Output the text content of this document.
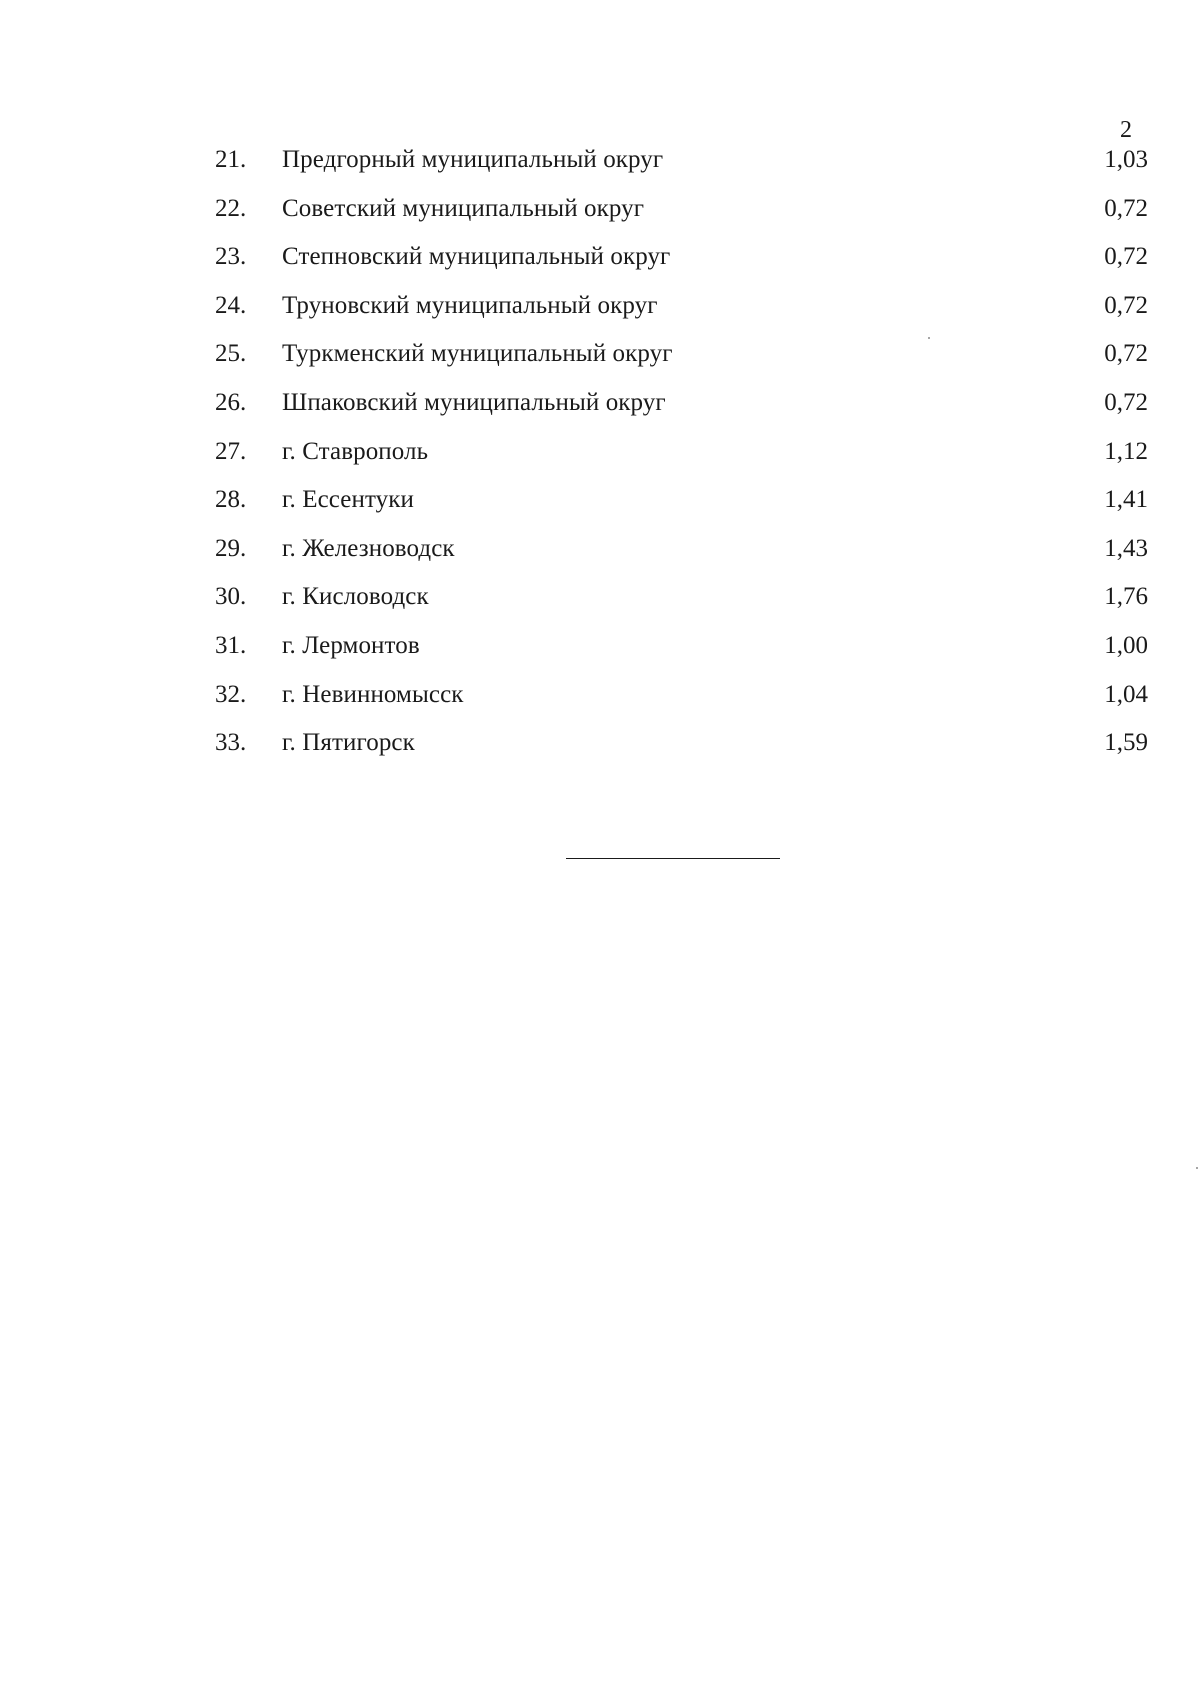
2
21. Предгорный муниципальный округ	1,03
22. Советский муниципальный округ	0,72
23. Степновский муниципальный округ	0,72
24. Труновский муниципальный округ	0,72
25. Туркменский муниципальный округ	0,72
26. Шпаковский муниципальный округ	0,72
27. г. Ставрополь	1,12
28. г. Ессентуки	1,41
29. г. Железноводск	1,43
30. г. Кисловодск	1,76
31. г. Лермонтов	1,00
32. г. Невинномысск	1,04
33. г. Пятигорск	1,59
